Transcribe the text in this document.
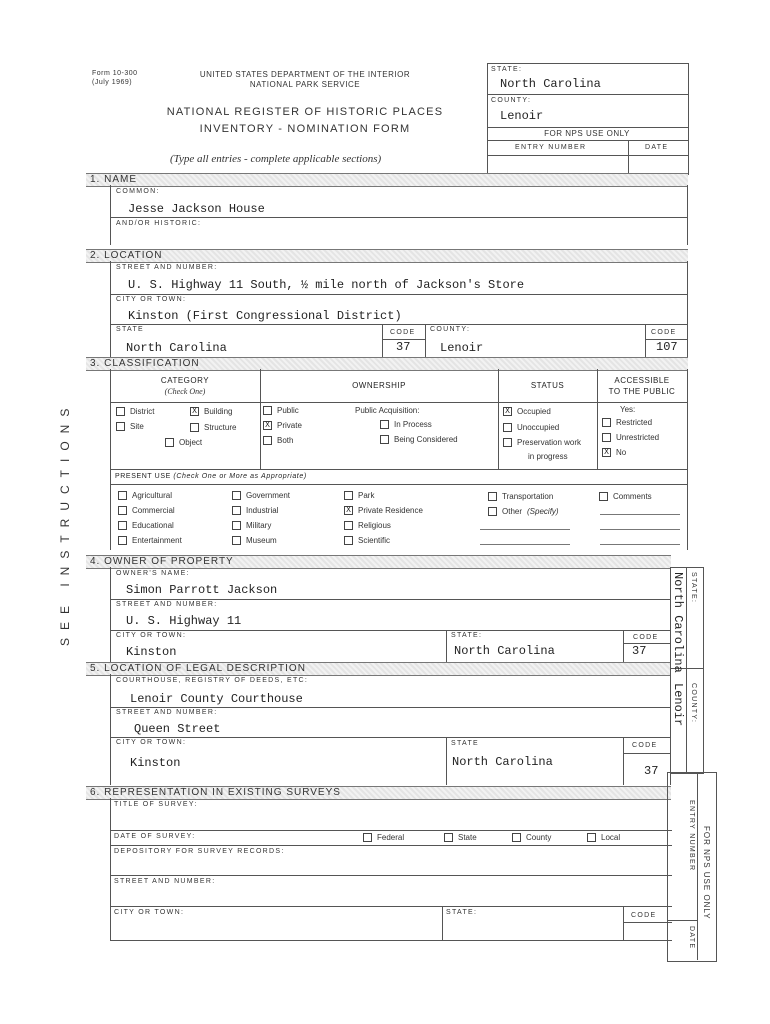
Form 10-300
(July 1969)
UNITED STATES DEPARTMENT OF THE INTERIOR
NATIONAL PARK SERVICE
NATIONAL REGISTER OF HISTORIC PLACES
INVENTORY - NOMINATION FORM
(Type all entries - complete applicable sections)
STATE:
North Carolina
COUNTY:
Lenoir
FOR NPS USE ONLY
ENTRY NUMBER	DATE
SEE INSTRUCTIONS
1. NAME
COMMON:
Jesse Jackson House
AND/OR HISTORIC:
2. LOCATION
STREET AND NUMBER:
U. S. Highway 11 South, ½ mile north of Jackson's Store
CITY OR TOWN:
Kinston (First Congressional District)
STATE
North Carolina
CODE
37
COUNTY:
Lenoir
CODE
107
3. CLASSIFICATION
CATEGORY
(Check One)
OWNERSHIP	STATUS
ACCESSIBLE
TO THE PUBLIC
District	X Building
Site	Structure
Object
Public
X Private
Both
Public Acquisition:
In Process
Being Considered
X Occupied
Unoccupied
Preservation work
in progress
Yes:
Restricted
Unrestricted
X No
PRESENT USE (Check One or More as Appropriate)
Agricultural
Commercial
Educational
Entertainment
Government
Industrial
Military
Museum
Park
X Private Residence
Religious
Scientific
Transportation
Other (Specify)
Comments
4. OWNER OF PROPERTY
OWNER'S NAME:
Simon Parrott Jackson
STREET AND NUMBER:
U. S. Highway 11
CITY OR TOWN:
Kinston
STATE:
North Carolina
CODE
37
5. LOCATION OF LEGAL DESCRIPTION
COURTHOUSE, REGISTRY OF DEEDS, ETC:
Lenoir County Courthouse
STREET AND NUMBER:
Queen Street
CITY OR TOWN:
Kinston
STATE
North Carolina
CODE
37
6. REPRESENTATION IN EXISTING SURVEYS
TITLE OF SURVEY:
DATE OF SURVEY:	Federal	State	County	Local
DEPOSITORY FOR SURVEY RECORDS:
STREET AND NUMBER:
CITY OR TOWN:	STATE:	CODE
STATE:
North Carolina
COUNTY:
Lenoir
ENTRY NUMBER
DATE
FOR NPS USE ONLY
